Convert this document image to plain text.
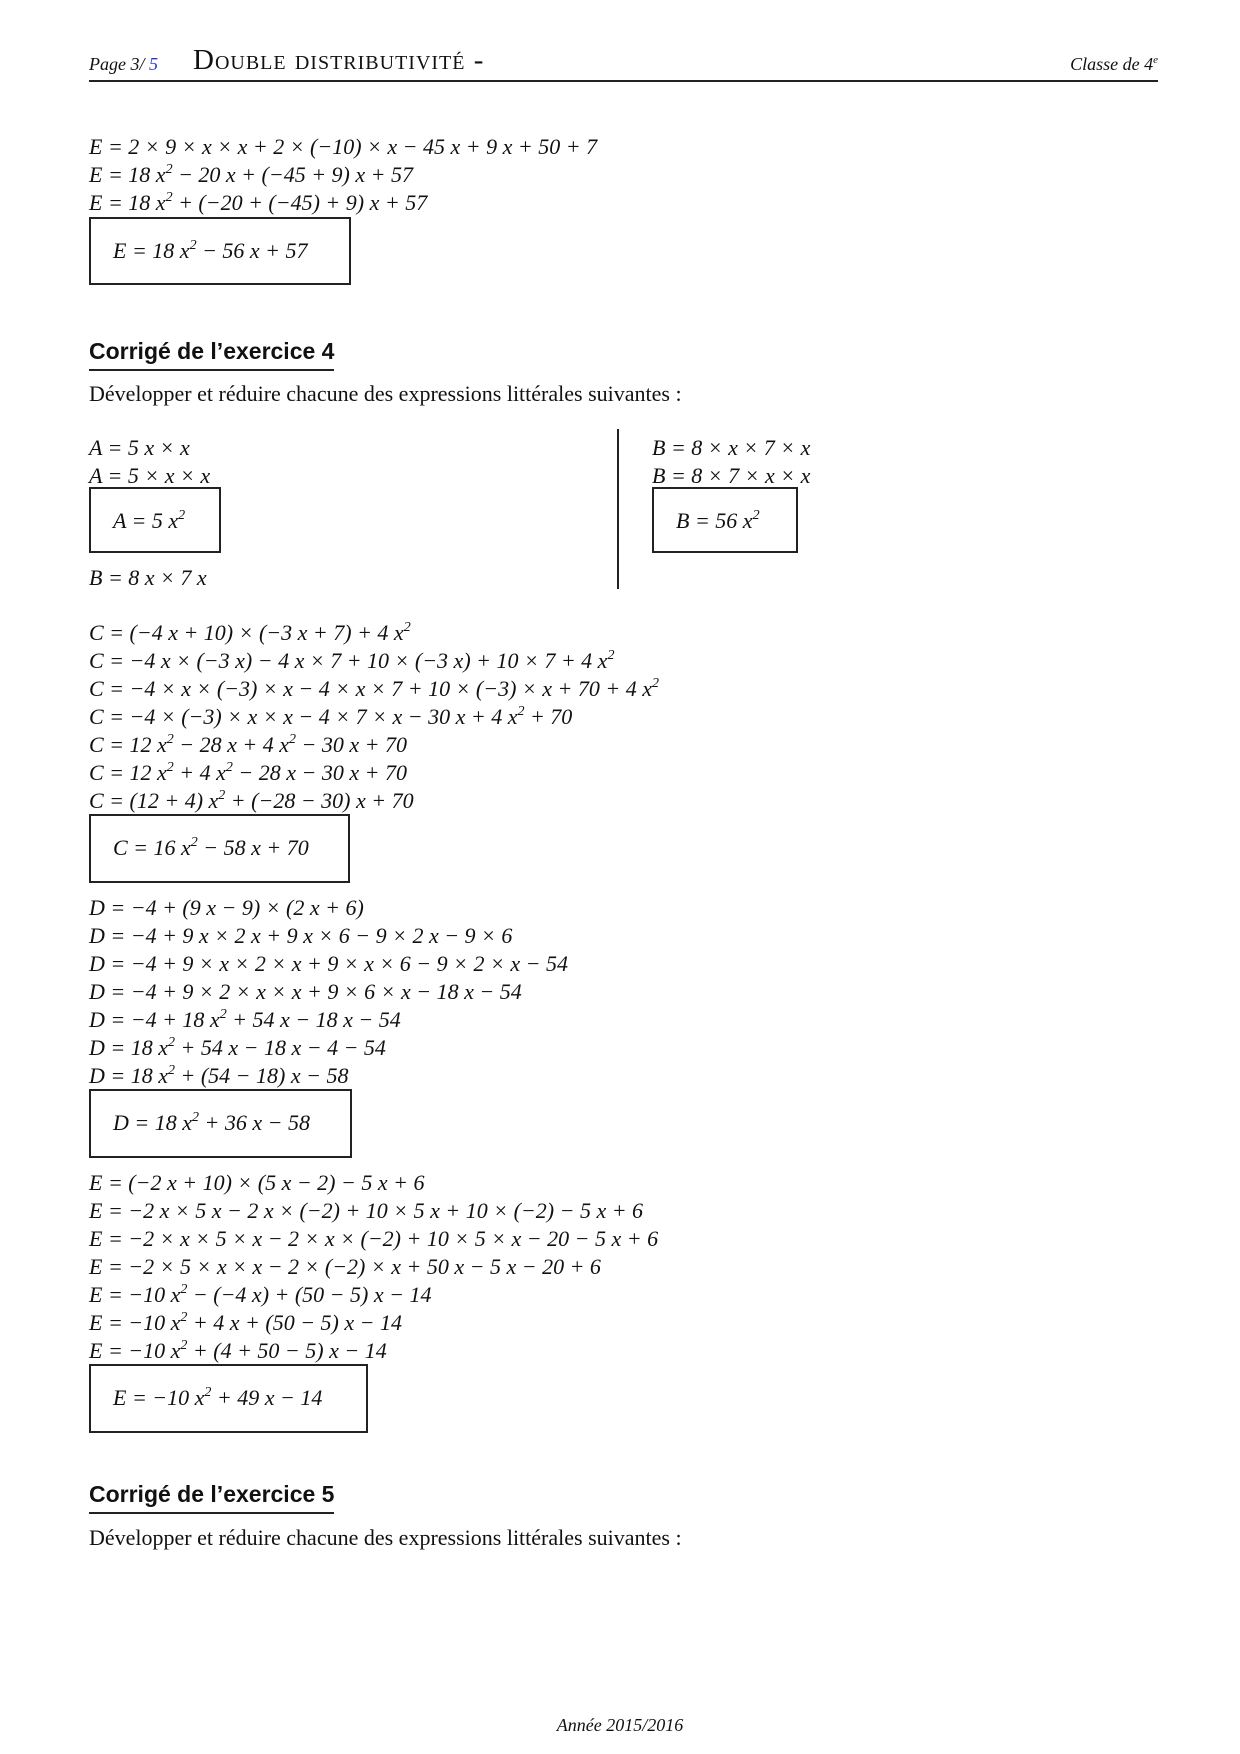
Page 3/ 5 Double distributivité -	Classe de 4e
E = 2 × 9 × x × x + 2 × (−10) × x − 45 x + 9 x + 50 + 7
E = 18 $x^2 - 20$ x + (−45 + 9) x + 57
E = 18 $x^2 + (-20 + (-45) + 9) x + 57$
E = 18 $x^2 - 56$ x + 57
Corrigé de l’exercice 4
Développer et réduire chacune des expressions littérales suivantes :
A = 5 x × x
A = 5 × x × x
A = 5 $x^2$
B = 8 x × 7 x
B = 8 × x × 7 × x
B = 8 × 7 × x × x
B = 56 $x^2$
C = (−4 x + 10) × (−3 x + 7) + 4 $x^2$
C = −4 x × (−3 x) − 4 x × 7 + 10 × (−3 x) + 10 × 7 + 4 $x^2$
C = −4 × x × (−3) × x − 4 × x × 7 + 10 × (−3) × x + 70 + 4 $x^2$
C = −4 × (−3) × x × x − 4 × 7 × x − 30 x + 4 $x^2 + 70$
C = 12 $x^2 - 28$ x + 4 $x^2 - 30$ x + 70
C = 12 $x^2 + 4$ $x^2 - 28$ x − 30 x + 70
C = (12 + 4) $x^2 + (-28 - 30) x + 70$
C = 16 $x^2 - 58$ x + 70
D = −4 + (9 x − 9) × (2 x + 6)
D = −4 + 9 x × 2 x + 9 x × 6 − 9 × 2 x − 9 × 6
D = −4 + 9 × x × 2 × x + 9 × x × 6 − 9 × 2 × x − 54
D = −4 + 9 × 2 × x × x + 9 × 6 × x − 18 x − 54
D = −4 + 18 $x^2 + 54$ x − 18 x − 54
D = 18 $x^2 + 54$ x − 18 x − 4 − 54
D = 18 $x^2 + (54 - 18) x - 58$
D = 18 $x^2 + 36$ x − 58
E = (−2 x + 10) × (5 x − 2) − 5 x + 6
E = −2 x × 5 x − 2 x × (−2) + 10 × 5 x + 10 × (−2) − 5 x + 6
E = −2 × x × 5 × x − 2 × x × (−2) + 10 × 5 × x − 20 − 5 x + 6
E = −2 × 5 × x × x − 2 × (−2) × x + 50 x − 5 x − 20 + 6
E = −10 $x^2 - (-4$ x) + (50 − 5) x − 14
E = −10 $x^2 + 4$ x + (50 − 5) x − 14
E = −10 $x^2 + (4 + 50 - 5) x - 14$
E = −10 $x^2 + 49$ x − 14
Corrigé de l’exercice 5
Développer et réduire chacune des expressions littérales suivantes :
Année 2015/2016
